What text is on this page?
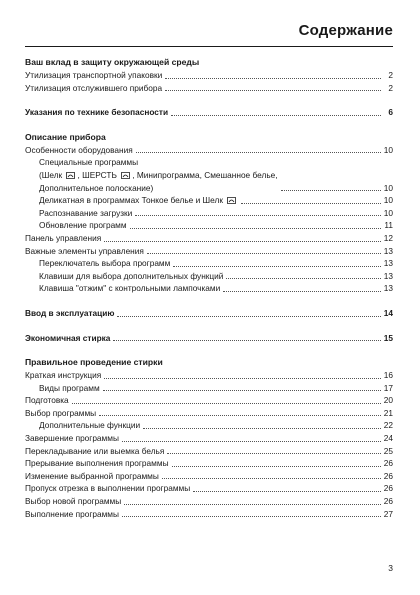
Содержание
Ваш вклад в защиту окружающей среды
Утилизация транспортной упаковки	2
Утилизация отслужившего прибора	2
Указания по технике безопасности	6
Описание прибора
Особенности оборудования	10
Специальные программы
(Шелк
, ШЕРСТЬ
, Минипрограмма, Смешанное белье,
Дополнительное полоскание)	10
Деликатная в программах Тонкое белье и Шелк	10
Распознавание загрузки	10
Обновление программ	11
Панель управления	12
Важные элементы управления	13
Переключатель выбора программ	13
Клавиши для выбора дополнительных функций	13
Клавиша "отжим" с контрольными лампочками	13
Ввод в эксплуатацию	14
Экономичная стирка	15
Правильное проведение стирки
Краткая инструкция	16
Виды программ	17
Подготовка	20
Выбор программы	21
Дополнительные функции	22
Завершение программы	24
Перекладывание или выемка белья	25
Прерывание выполнения программы	26
Изменение выбранной программы	26
Пропуск отрезка в выполнении программы	26
Выбор новой программы	26
Выполнение программы	27
3
